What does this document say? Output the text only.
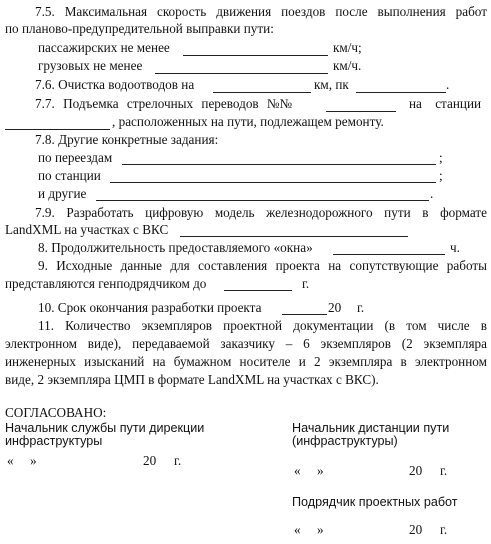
7.5. Максимальная скорость движения поездов после выполнения работ
по планово-предупредительной выправки пути:
пассажирских не менее	км/ч;
грузовых не менее	км/ч.
7.6. Очистка водоотводов на	км, пк	.
7.7. Подъемка стрелочных переводов №№	на станции
, расположенных на пути, подлежащем ремонту.
7.8. Другие конкретные задания:
по переездам	;
по станции	;
и другие	.
7.9. Разработать цифровую модель железнодорожного пути в формате
LandXML на участках с ВКС
8. Продолжительность предоставляемого «окна»	ч.
9. Исходные данные для составления проекта на сопутствующие работы
представляются генподрядчиком до	г.
10. Срок окончания разработки проекта	20 г.
11. Количество экземпляров проектной документации (в том числе в
электронном виде), передаваемой заказчику – 6 экземпляров (2 экземпляра
инженерных изысканий на бумажном носителе и 2 экземпляра в электронном
виде, 2 экземпляра ЦМП в формате LandXML на участках с ВКС).
СОГЛАСОВАНО:
Начальник службы пути дирекции
инфраструктуры
« »	20 г.
Начальник дистанции пути
(инфраструктуры)
« »	20 г.
Подрядчик проектных работ
« »	20 г.
